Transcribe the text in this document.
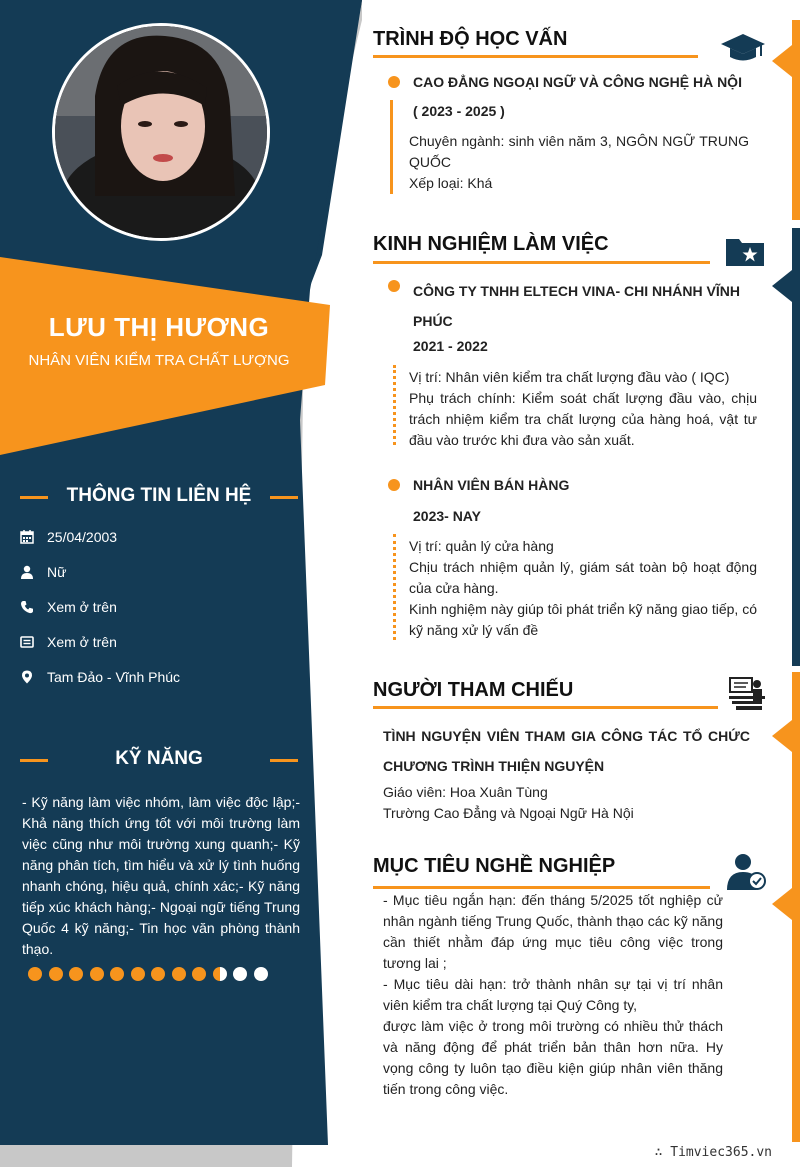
LƯU THỊ HƯƠNG
NHÂN VIÊN KIỂM TRA CHẤT LƯỢNG
THÔNG TIN LIÊN HỆ
25/04/2003
Nữ
Xem ở trên
Xem ở trên
Tam Đảo - Vĩnh Phúc
KỸ NĂNG
- Kỹ năng làm việc nhóm, làm việc độc lập;- Khả năng thích ứng tốt với môi trường làm việc cũng như môi trường xung quanh;- Kỹ năng phân tích, tìm hiểu và xử lý tình huống nhanh chóng, hiệu quả, chính xác;- Kỹ năng tiếp xúc khách hàng;- Ngoại ngữ tiếng Trung Quốc 4 kỹ năng;- Tin học văn phòng thành thạo.
TRÌNH ĐỘ HỌC VẤN
CAO ĐẲNG NGOẠI NGỮ VÀ CÔNG NGHỆ HÀ NỘI
( 2023 - 2025 )
Chuyên ngành: sinh viên năm 3, NGÔN NGỮ TRUNG QUỐC
Xếp loại: Khá
KINH NGHIỆM LÀM VIỆC
CÔNG TY TNHH ELTECH VINA- CHI NHÁNH VĨNH PHÚC
2021 - 2022
Vị trí: Nhân viên kiểm tra chất lượng đầu vào ( IQC)
Phụ trách chính: Kiểm soát chất lượng đầu vào, chịu trách nhiệm kiểm tra chất lượng của hàng hoá, vật tư đầu vào trước khi đưa vào sản xuất.
NHÂN VIÊN BÁN HÀNG
2023- NAY
Vị trí: quản lý cửa hàng
Chịu trách nhiệm quản lý, giám sát toàn bộ hoạt động của cửa hàng.
Kinh nghiệm này giúp tôi phát triển kỹ năng giao tiếp, có kỹ năng xử lý vấn đề
NGƯỜI THAM CHIẾU
TÌNH NGUYỆN VIÊN THAM GIA CÔNG TÁC TỔ CHỨC CHƯƠNG TRÌNH THIỆN NGUYỆN
Giáo viên: Hoa Xuân Tùng
Trường Cao Đẳng và Ngoại Ngữ Hà Nội
MỤC TIÊU NGHỀ NGHIỆP
- Mục tiêu ngắn hạn: đến tháng 5/2025 tốt nghiệp cử nhân ngành tiếng Trung Quốc, thành thạo các kỹ năng cần thiết nhằm đáp ứng mục tiêu công việc trong tương lai ;
- Mục tiêu dài hạn: trở thành nhân sự tại vị trí nhân viên kiểm tra chất lượng tại Quý Công ty,
được làm việc ở trong môi trường có nhiều thử thách và năng động để phát triển bản thân hơn nữa. Hy vọng công ty luôn tạo điều kiện giúp nhân viên thăng tiến trong công việc.
∴ Timviec365.vn
